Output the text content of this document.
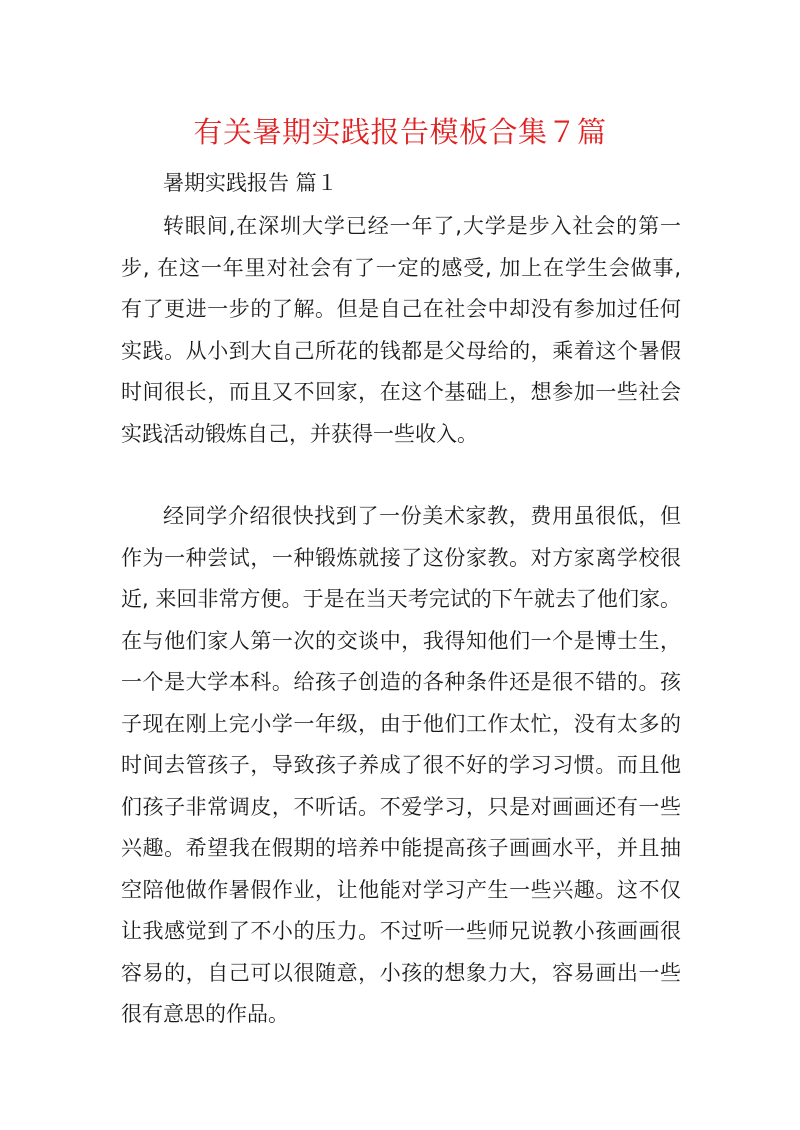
有关暑期实践报告模板合集７篇
暑期实践报告 篇１
转眼间,在深圳大学已经一年了,大学是步入社会的第一
步, 在这一年里对社会有了一定的感受, 加上在学生会做事,
有了更进一步的了解。但是自己在社会中却没有参加过任何
实践。从小到大自己所花的钱都是父母给的，乘着这个暑假
时间很长，而且又不回家，在这个基础上，想参加一些社会
实践活动锻炼自己，并获得一些收入。
经同学介绍很快找到了一份美术家教，费用虽很低，但
作为一种尝试，一种锻炼就接了这份家教。对方家离学校很
近, 来回非常方便。于是在当天考完试的下午就去了他们家。
在与他们家人第一次的交谈中，我得知他们一个是博士生，
一个是大学本科。给孩子创造的各种条件还是很不错的。孩
子现在刚上完小学一年级，由于他们工作太忙，没有太多的
时间去管孩子，导致孩子养成了很不好的学习习惯。而且他
们孩子非常调皮，不听话。不爱学习，只是对画画还有一些
兴趣。希望我在假期的培养中能提高孩子画画水平，并且抽
空陪他做作暑假作业，让他能对学习产生一些兴趣。这不仅
让我感觉到了不小的压力。不过听一些师兄说教小孩画画很
容易的，自己可以很随意，小孩的想象力大，容易画出一些
很有意思的作品。
